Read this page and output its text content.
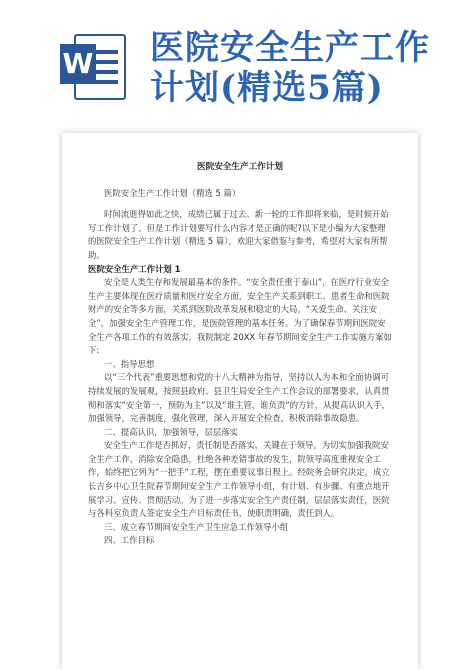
W 医院安全生产工作
计划(精选5篇)
医院安全生产工作计划

医院安全生产工作计划（精选 5 篇）

时间流逝得如此之快，成绩已属于过去、新一轮的工作即将来临，是时候开始写工作计划了。但是工作计划要写什么内容才是正确的呢?以下是小编为大家整理的医院安全生产工作计划（精选 5 篇），欢迎大家借鉴与参考，希望对大家有所帮助。

医院安全生产工作计划 1

安全是人类生存和发展最基本的条件。“安全责任重于泰山”，在医疗行业安全生产主要体现在医疗质量和医疗安全方面，安全生产关系到职工、患者生命和医院财产的安全等多方面，关系到医院改革发展和稳定的大局。“关爱生命、关注安全”，加强安全生产管理工作，是医院管理的基本任务。为了确保春节期间医院安全生产各项工作的有效落实，我院制定 20XX 年春节期间安全生产工作实施方案如下:

一、指导思想

以“三个代表”重要思想和党的十八大精神为指导，坚持以人为本和全面协调可持续发展的发展观，按照县政府、县卫生局安全生产工作会议的部署要求，认真贯彻和落实“安全第一，预防为主”以及“谁主管，谁负责”的方针，从提高认识入手，加强领导，完善制度，强化管理，深入开展安全检查，积极消除事故隐患。

二、提高认识，加强领导，层层落实

安全生产工作是否抓好，责任制是否落实，关键在于领导。为切实加强我院安全生产工作，消除安全隐患，杜绝各种差错事故的发生，院领导高度重视安全工作，始终把它列为“一把手”工程，摆在重要议事日程上。经院务会研究决定，成立长吉乡中心卫生院春节期间安全生产工作领导小组，有计划、有步骤、有重点地开展学习、宣传、贯彻活动。为了进一步落实安全生产责任制，层层落实责任，医院与各科室负责人签定安全生产目标责任书，使职责明确，责任到人。

三、成立春节期间安全生产卫生应急工作领导小组

四、工作目标
